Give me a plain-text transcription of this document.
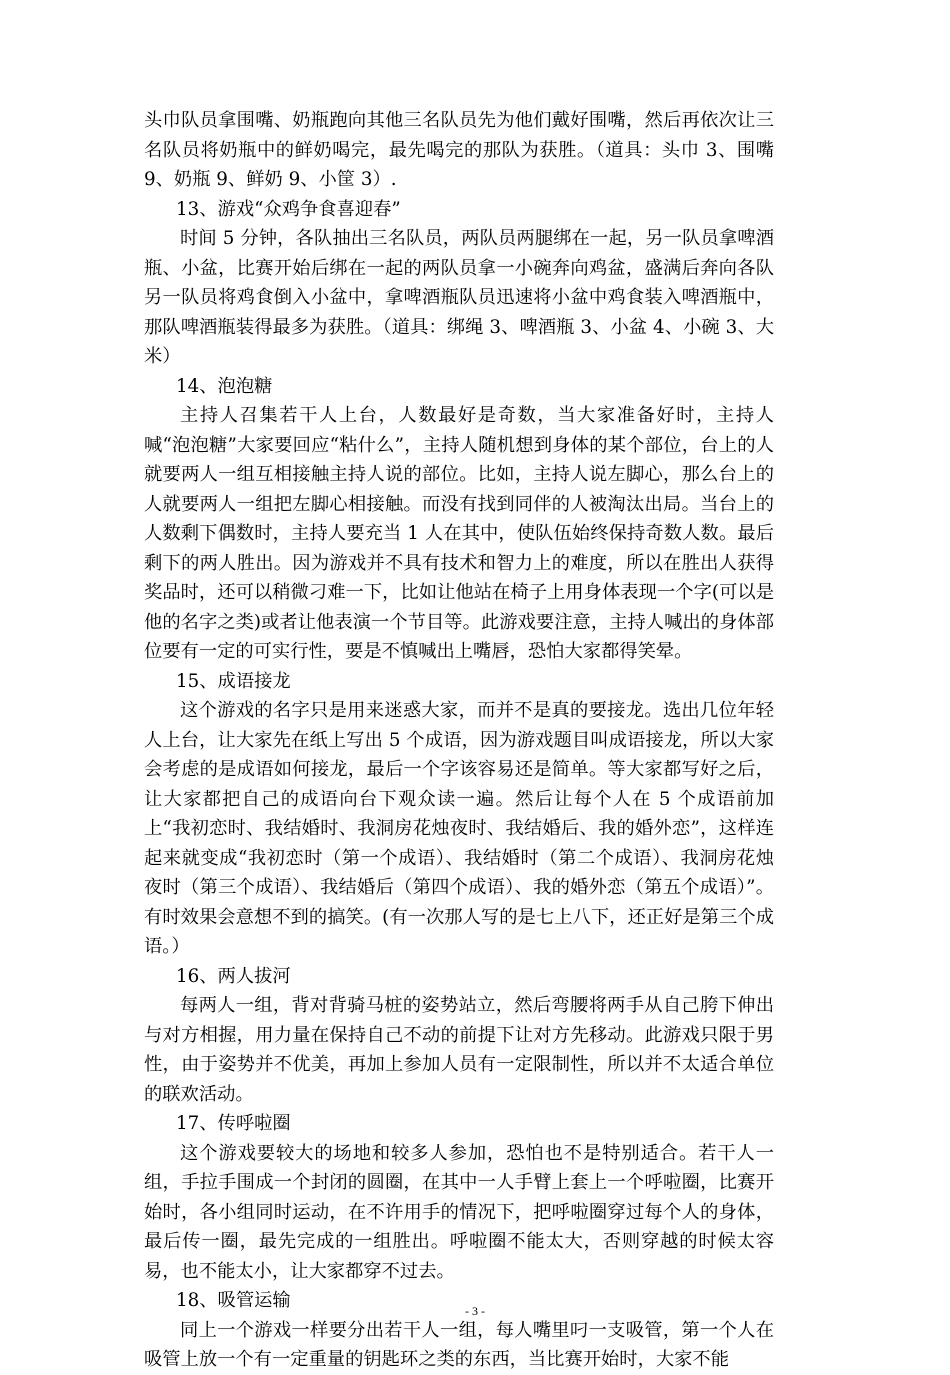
头巾队员拿围嘴、奶瓶跑向其他三名队员先为他们戴好围嘴，然后再依次让三名队员将奶瓶中的鲜奶喝完，最先喝完的那队为获胜。（道具：头巾 3、围嘴 9、奶瓶 9、鲜奶 9、小筐 3）.

13、游戏“众鸡争食喜迎春”

时间 5 分钟，各队抽出三名队员，两队员两腿绑在一起，另一队员拿啤酒瓶、小盆，比赛开始后绑在一起的两队员拿一小碗奔向鸡盆，盛满后奔向各队另一队员将鸡食倒入小盆中，拿啤酒瓶队员迅速将小盆中鸡食装入啤酒瓶中，那队啤酒瓶装得最多为获胜。（道具：绑绳 3、啤酒瓶 3、小盆 4、小碗 3、大米）

14、泡泡糖

主持人召集若干人上台，人数最好是奇数，当大家准备好时，主持人喊“泡泡糖”大家要回应“粘什么”，主持人随机想到身体的某个部位，台上的人就要两人一组互相接触主持人说的部位。比如，主持人说左脚心，那么台上的人就要两人一组把左脚心相接触。而没有找到同伴的人被淘汰出局。当台上的人数剩下偶数时，主持人要充当 1 人在其中，使队伍始终保持奇数人数。最后剩下的两人胜出。因为游戏并不具有技术和智力上的难度，所以在胜出人获得奖品时，还可以稍微刁难一下，比如让他站在椅子上用身体表现一个字(可以是他的名字之类)或者让他表演一个节目等。此游戏要注意，主持人喊出的身体部位要有一定的可实行性，要是不慎喊出上嘴唇，恐怕大家都得笑晕。

15、成语接龙

这个游戏的名字只是用来迷惑大家，而并不是真的要接龙。选出几位年轻人上台，让大家先在纸上写出 5 个成语，因为游戏题目叫成语接龙，所以大家会考虑的是成语如何接龙，最后一个字该容易还是简单。等大家都写好之后，让大家都把自己的成语向台下观众读一遍。然后让每个人在 5 个成语前加上“我初恋时、我结婚时、我洞房花烛夜时、我结婚后、我的婚外恋”，这样连起来就变成“我初恋时（第一个成语）、我结婚时（第二个成语）、我洞房花烛夜时（第三个成语）、我结婚后（第四个成语）、我的婚外恋（第五个成语）”。有时效果会意想不到的搞笑。(有一次那人写的是七上八下，还正好是第三个成语。）

16、两人拔河

每两人一组，背对背骑马桩的姿势站立，然后弯腰将两手从自己胯下伸出与对方相握，用力量在保持自己不动的前提下让对方先移动。此游戏只限于男性，由于姿势并不优美，再加上参加人员有一定限制性，所以并不太适合单位的联欢活动。

17、传呼啦圈

这个游戏要较大的场地和较多人参加，恐怕也不是特别适合。若干人一组，手拉手围成一个封闭的圆圈，在其中一人手臂上套上一个呼啦圈，比赛开始时，各小组同时运动，在不许用手的情况下，把呼啦圈穿过每个人的身体，最后传一圈，最先完成的一组胜出。呼啦圈不能太大，否则穿越的时候太容易，也不能太小，让大家都穿不过去。

18、吸管运输

同上一个游戏一样要分出若干人一组，每人嘴里叼一支吸管，第一个人在吸管上放一个有一定重量的钥匙环之类的东西，当比赛开始时，大家不能

- 3 -
